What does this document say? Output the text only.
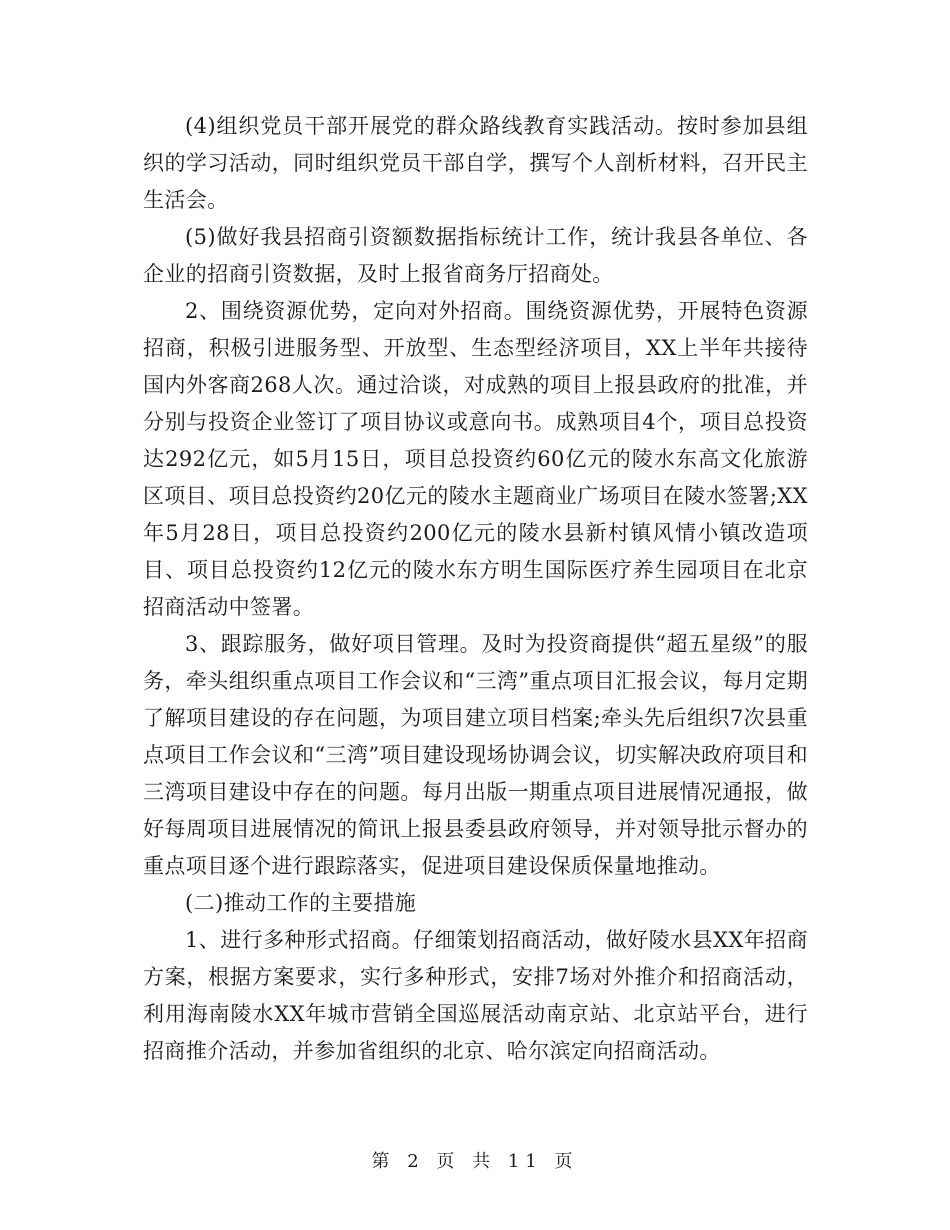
(4)组织党员干部开展党的群众路线教育实践活动。按时参加县组织的学习活动，同时组织党员干部自学，撰写个人剖析材料，召开民主生活会。

(5)做好我县招商引资额数据指标统计工作，统计我县各单位、各企业的招商引资数据，及时上报省商务厅招商处。

2、围绕资源优势，定向对外招商。围绕资源优势，开展特色资源招商，积极引进服务型、开放型、生态型经济项目，XX上半年共接待国内外客商268人次。通过洽谈，对成熟的项目上报县政府的批准，并分别与投资企业签订了项目协议或意向书。成熟项目4个，项目总投资达292亿元，如5月15日，项目总投资约60亿元的陵水东高文化旅游区项目、项目总投资约20亿元的陵水主题商业广场项目在陵水签署;XX年5月28日，项目总投资约200亿元的陵水县新村镇风情小镇改造项目、项目总投资约12亿元的陵水东方明生国际医疗养生园项目在北京招商活动中签署。

3、跟踪服务，做好项目管理。及时为投资商提供“超五星级”的服务，牵头组织重点项目工作会议和“三湾”重点项目汇报会议，每月定期了解项目建设的存在问题，为项目建立项目档案;牵头先后组织7次县重点项目工作会议和“三湾”项目建设现场协调会议，切实解决政府项目和三湾项目建设中存在的问题。每月出版一期重点项目进展情况通报，做好每周项目进展情况的简讯上报县委县政府领导，并对领导批示督办的重点项目逐个进行跟踪落实，促进项目建设保质保量地推动。

(二)推动工作的主要措施

1、进行多种形式招商。仔细策划招商活动，做好陵水县XX年招商方案，根据方案要求，实行多种形式，安排7场对外推介和招商活动，利用海南陵水XX年城市营销全国巡展活动南京站、北京站平台，进行招商推介活动，并参加省组织的北京、哈尔滨定向招商活动。

第 2 页 共 11 页
